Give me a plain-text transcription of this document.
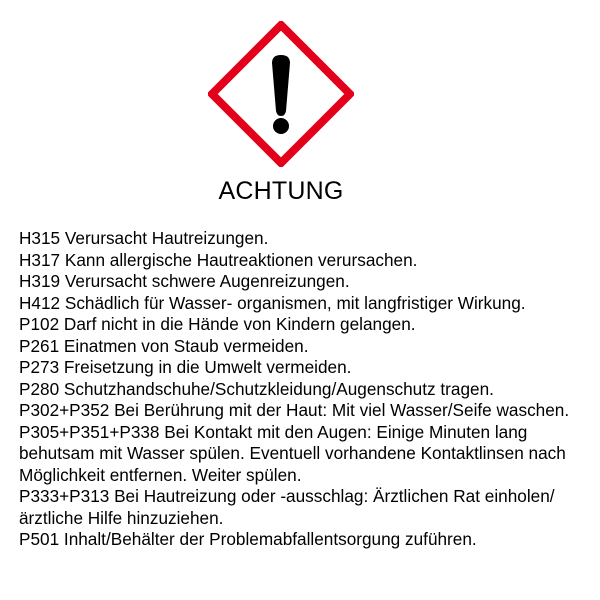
ACHTUNG
H315 Verursacht Hautreizungen.
H317 Kann allergische Hautreaktionen verursachen.
H319 Verursacht schwere Augenreizungen.
H412 Schädlich für Wasser- organismen, mit langfristiger Wirkung.
P102 Darf nicht in die Hände von Kindern gelangen.
P261 Einatmen von Staub vermeiden.
P273 Freisetzung in die Umwelt vermeiden.
P280 Schutzhandschuhe/Schutzkleidung/Augenschutz tragen.
P302+P352 Bei Berührung mit der Haut: Mit viel Wasser/Seife waschen.
P305+P351+P338 Bei Kontakt mit den Augen: Einige Minuten lang behutsam mit Wasser spülen. Eventuell vorhandene Kontaktlinsen nach Möglichkeit entfernen. Weiter spülen.
P333+P313 Bei Hautreizung oder -ausschlag: Ärztlichen Rat einholen/ärztliche Hilfe hinzuziehen.
P501 Inhalt/Behälter der Problemabfallentsorgung zuführen.
